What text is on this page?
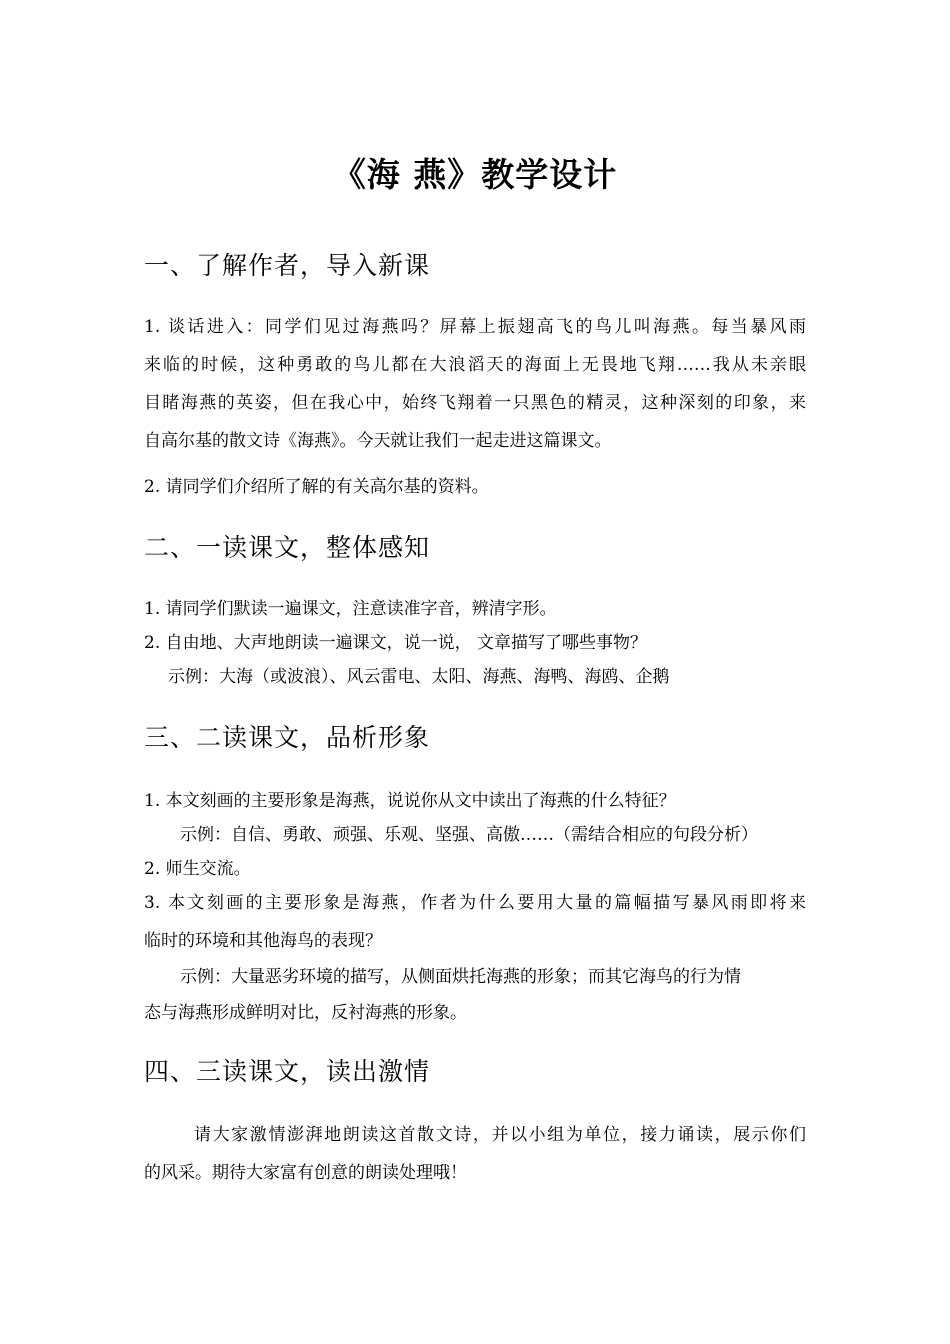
《海 燕》教学设计
一、了解作者，导入新课
1. 谈话进入：同学们见过海燕吗？屏幕上振翅高飞的鸟儿叫海燕。每当暴风雨
来临的时候，这种勇敢的鸟儿都在大浪滔天的海面上无畏地飞翔……我从未亲眼
目睹海燕的英姿，但在我心中，始终飞翔着一只黑色的精灵，这种深刻的印象，来
自高尔基的散文诗《海燕》。今天就让我们一起走进这篇课文。
2. 请同学们介绍所了解的有关高尔基的资料。
二、一读课文，整体感知
1. 请同学们默读一遍课文，注意读准字音，辨清字形。
2. 自由地、大声地朗读一遍课文，说一说， 文章描写了哪些事物？
示例：大海（或波浪）、风云雷电、太阳、海燕、海鸭、海鸥、企鹅
三、二读课文，品析形象
1. 本文刻画的主要形象是海燕，说说你从文中读出了海燕的什么特征？
示例：自信、勇敢、顽强、乐观、坚强、高傲……（需结合相应的句段分析）
2. 师生交流。
3. 本文刻画的主要形象是海燕，作者为什么要用大量的篇幅描写暴风雨即将来
临时的环境和其他海鸟的表现？
示例：大量恶劣环境的描写，从侧面烘托海燕的形象；而其它海鸟的行为情
态与海燕形成鲜明对比，反衬海燕的形象。
四、三读课文，读出激情
请大家激情澎湃地朗读这首散文诗，并以小组为单位，接力诵读，展示你们
的风采。期待大家富有创意的朗读处理哦！
